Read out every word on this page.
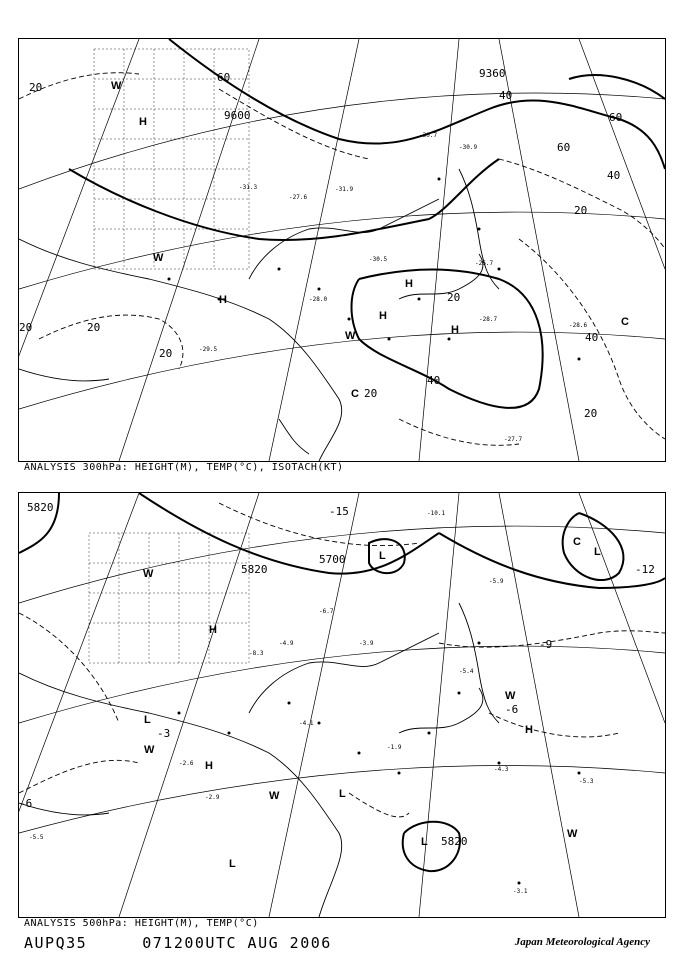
9600
9360
20
20
20
20
20
20
20
20
40
40
40
40
60
60
60
H
H
H
H
H
W
W
W
C
C
-31.9
-30.7
-26.7
-27.6
-31.3
-28.0
-29.5
-30.5
-28.7
-28.6
-27.7
-30.9
ANALYSIS 300hPa: HEIGHT(M), TEMP(°C), ISOTACH(KT)
5820
5820
5820
5700
-15
-12
-9
-6
-3
-6
H
H
H
L	L
L
L
L
L
W
W
W
W
W
C
-10.1
-5.9
-6.7
-4.9	-3.9
-8.3
-5.4
-4.3
-4.1
-3.1
-5.3
-2.6
-2.9
-5.5
-1.9
ANALYSIS 500hPa: HEIGHT(M), TEMP(°C)
AUPQ35	071200UTC AUG 2006	Japan Meteorological Agency
